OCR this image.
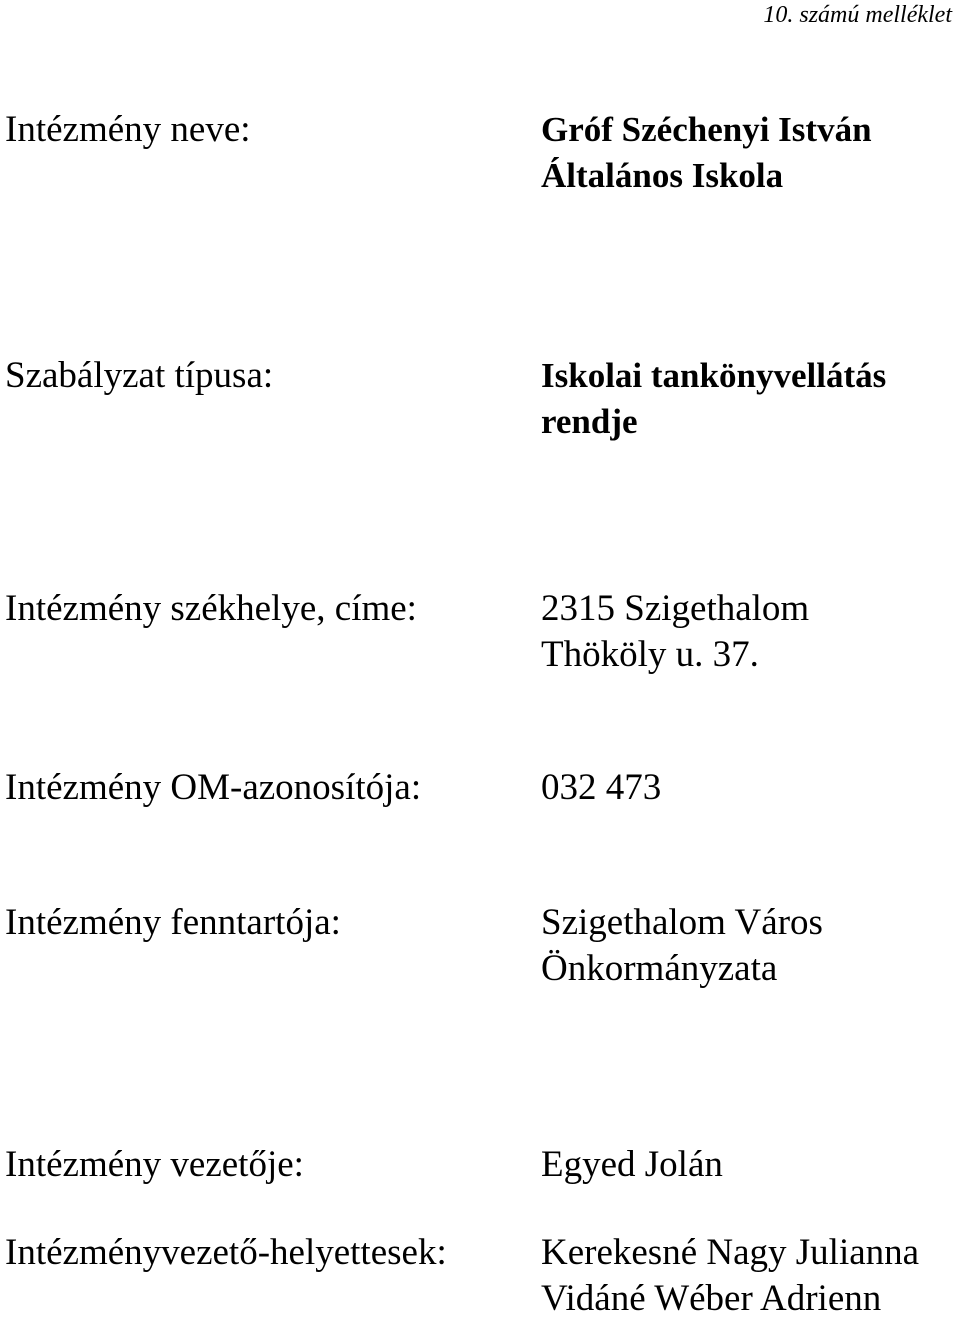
10. számú melléklet
Intézmény neve:	Gróf Széchenyi István
Általános Iskola
Szabályzat típusa:	Iskolai tankönyvellátás
rendje
Intézmény székhelye, címe:	2315 Szigethalom
Thököly u. 37.
Intézmény OM-azonosítója:	032 473
Intézmény fenntartója:	Szigethalom Város
Önkormányzata
Intézmény vezetője:	Egyed Jolán
Intézményvezető-helyettesek:	Kerekesné Nagy Julianna
Vidáné Wéber Adrienn
